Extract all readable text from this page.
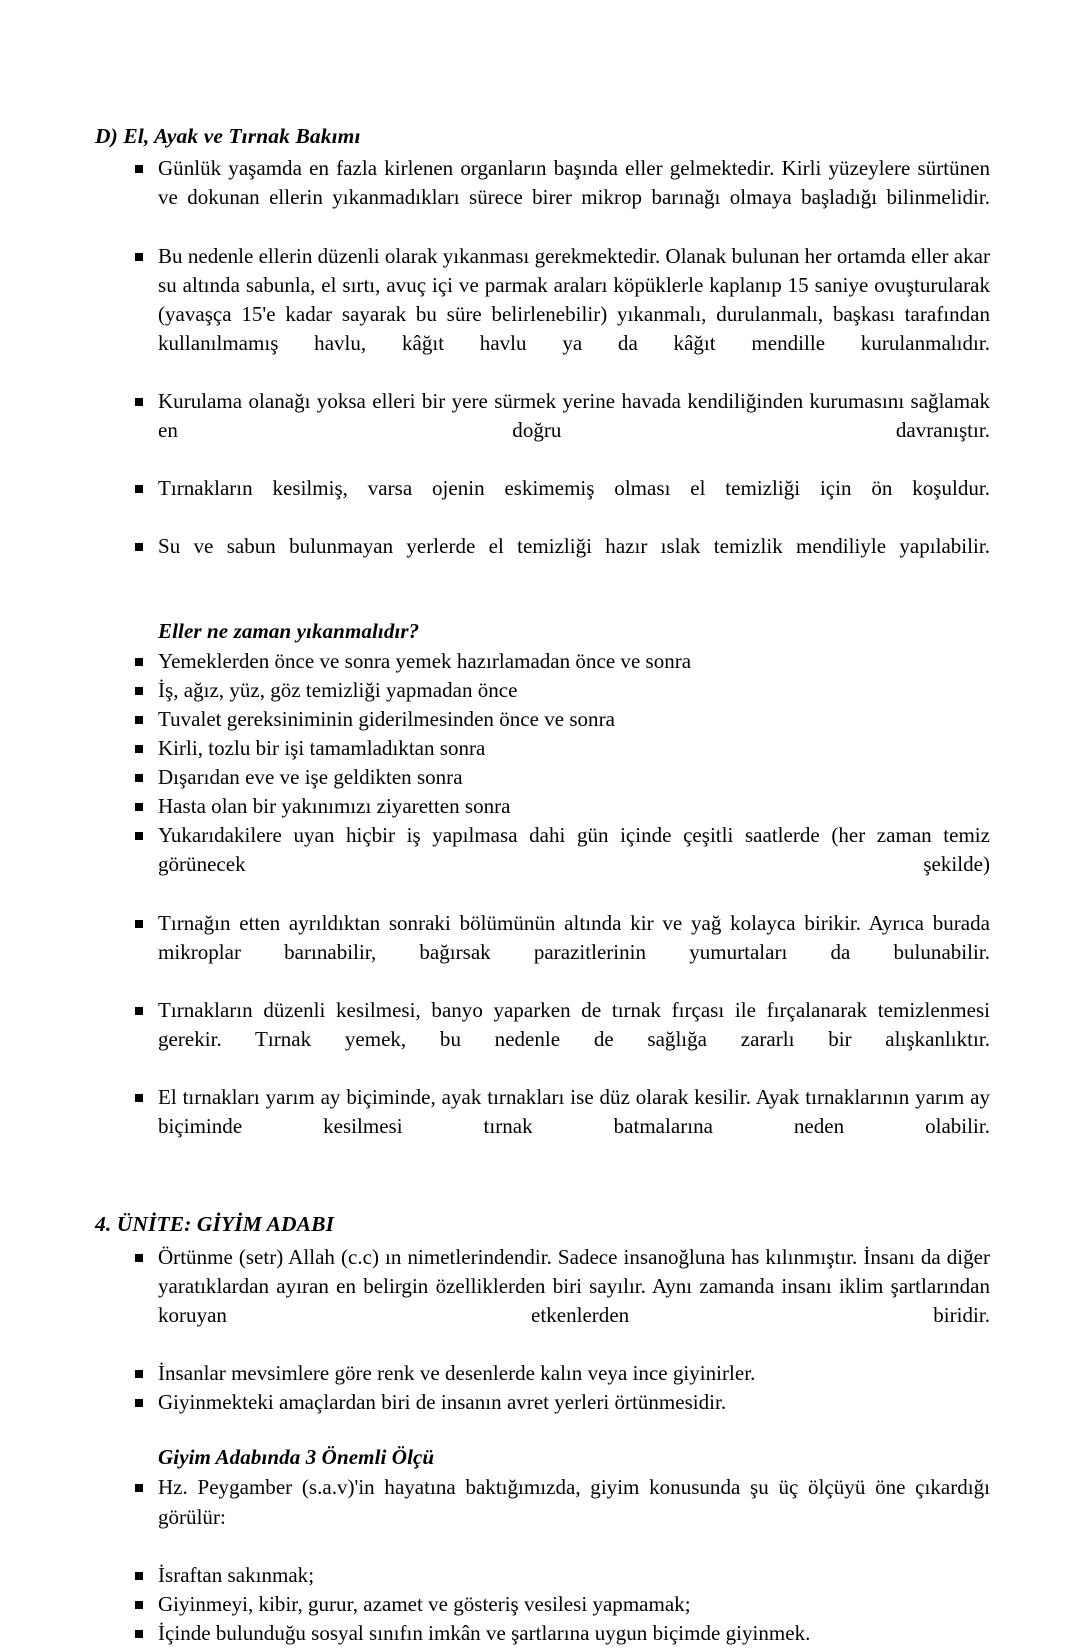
D) El, Ayak ve Tırnak Bakımı
Günlük yaşamda en fazla kirlenen organların başında eller gelmektedir. Kirli yüzeylere sürtünen ve dokunan ellerin yıkanmadıkları sürece birer mikrop barınağı olmaya başladığı bilinmelidir.
Bu nedenle ellerin düzenli olarak yıkanması gerekmektedir. Olanak bulunan her ortamda eller akar su altında sabunla, el sırtı, avuç içi ve parmak araları köpüklerle kaplanıp 15 saniye ovuşturularak (yavaşça 15'e kadar sayarak bu süre belirlenebilir) yıkanmalı, durulanmalı, başkası tarafından kullanılmamış havlu, kâğıt havlu ya da kâğıt mendille kurulanmalıdır.
Kurulama olanağı yoksa elleri bir yere sürmek yerine havada kendiliğinden kurumasını sağlamak en doğru davranıştır.
Tırnakların kesilmiş, varsa ojenin eskimemiş olması el temizliği için ön koşuldur.
Su ve sabun bulunmayan yerlerde el temizliği hazır ıslak temizlik mendiliyle yapılabilir.
Eller ne zaman yıkanmalıdır?
Yemeklerden önce ve sonra yemek hazırlamadan önce ve sonra
İş, ağız, yüz, göz temizliği yapmadan önce
Tuvalet gereksiniminin giderilmesinden önce ve sonra
Kirli, tozlu bir işi tamamladıktan sonra
Dışarıdan eve ve işe geldikten sonra
Hasta olan bir yakınımızı ziyaretten sonra
Yukarıdakilere uyan hiçbir iş yapılmasa dahi gün içinde çeşitli saatlerde (her zaman temiz görünecek şekilde)
Tırnağın etten ayrıldıktan sonraki bölümünün altında kir ve yağ kolayca birikir. Ayrıca burada mikroplar barınabilir, bağırsak parazitlerinin yumurtaları da bulunabilir.
Tırnakların düzenli kesilmesi, banyo yaparken de tırnak fırçası ile fırçalanarak temizlenmesi gerekir. Tırnak yemek, bu nedenle de sağlığa zararlı bir alışkanlıktır.
El tırnakları yarım ay biçiminde, ayak tırnakları ise düz olarak kesilir. Ayak tırnaklarının yarım ay biçiminde kesilmesi tırnak batmalarına neden olabilir.
4. ÜNİTE: GİYİM ADABI
Örtünme (setr) Allah (c.c) ın nimetlerindendir. Sadece insanoğluna has kılınmıştır. İnsanı da diğer yaratıklardan ayıran en belirgin özelliklerden biri sayılır. Aynı zamanda insanı iklim şartlarından koruyan etkenlerden biridir.
İnsanlar mevsimlere göre renk ve desenlerde kalın veya ince giyinirler.
Giyinmekteki amaçlardan biri de insanın avret yerleri örtünmesidir.
Giyim Adabında 3 Önemli Ölçü
Hz. Peygamber (s.a.v)'in hayatına baktığımızda, giyim konusunda şu üç ölçüyü öne çıkardığı görülür:
İsraftan sakınmak;
Giyinmeyi, kibir, gurur, azamet ve gösteriş vesilesi yapmamak;
İçinde bulunduğu sosyal sınıfın imkân ve şartlarına uygun biçimde giyinmek.
